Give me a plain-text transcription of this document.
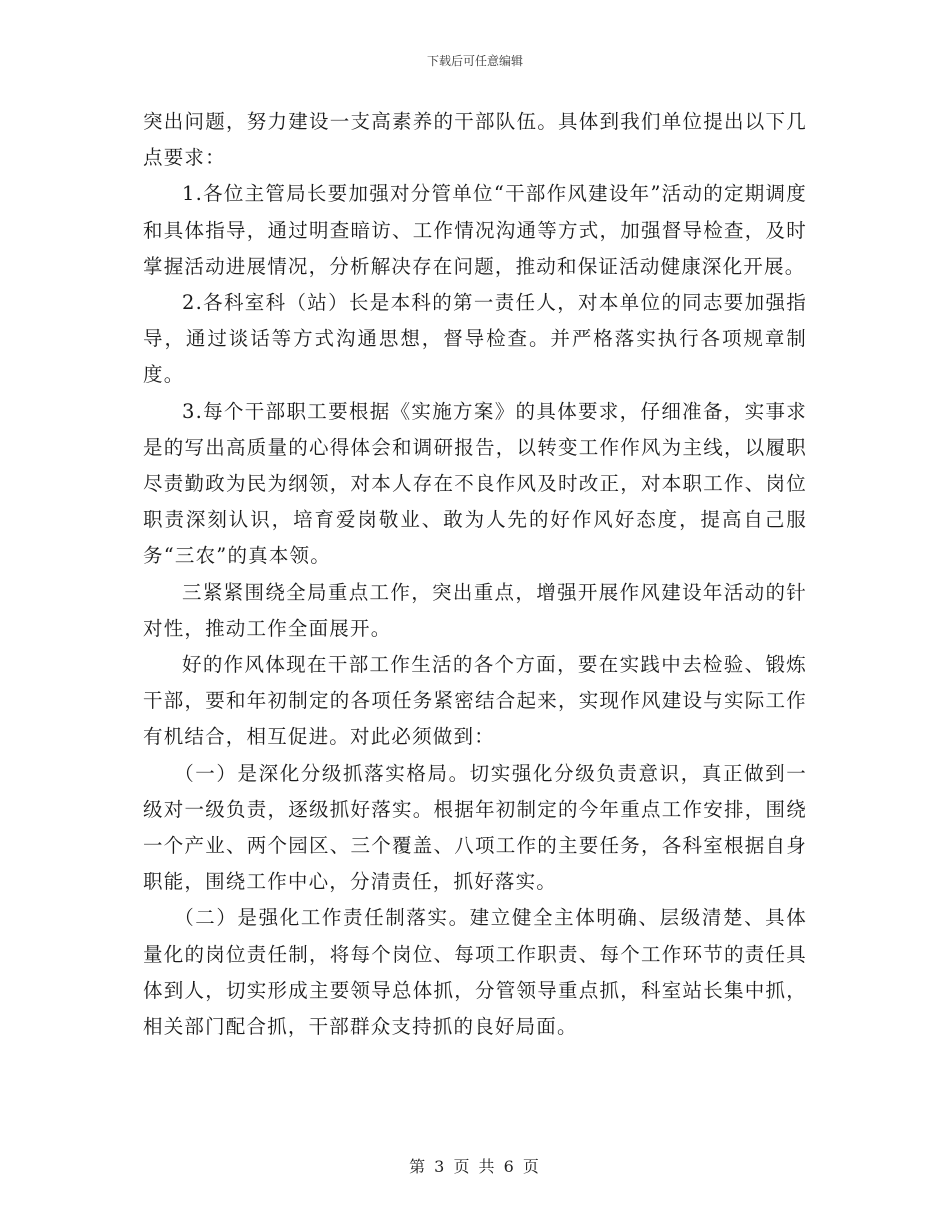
下载后可任意编辑

突出问题，努力建设一支高素养的干部队伍。具体到我们单位提出以下几点要求：

1.各位主管局长要加强对分管单位“干部作风建设年”活动的定期调度和具体指导，通过明查暗访、工作情况沟通等方式，加强督导检查，及时掌握活动进展情况，分析解决存在问题，推动和保证活动健康深化开展。

2.各科室科（站）长是本科的第一责任人，对本单位的同志要加强指导，通过谈话等方式沟通思想，督导检查。并严格落实执行各项规章制度。

3.每个干部职工要根据《实施方案》的具体要求，仔细准备，实事求是的写出高质量的心得体会和调研报告，以转变工作作风为主线，以履职尽责勤政为民为纲领，对本人存在不良作风及时改正，对本职工作、岗位职责深刻认识，培育爱岗敬业、敢为人先的好作风好态度，提高自己服务“三农”的真本领。

三紧紧围绕全局重点工作，突出重点，增强开展作风建设年活动的针对性，推动工作全面展开。

好的作风体现在干部工作生活的各个方面，要在实践中去检验、锻炼干部，要和年初制定的各项任务紧密结合起来，实现作风建设与实际工作有机结合，相互促进。对此必须做到：

（一）是深化分级抓落实格局。切实强化分级负责意识，真正做到一级对一级负责，逐级抓好落实。根据年初制定的今年重点工作安排，围绕一个产业、两个园区、三个覆盖、八项工作的主要任务，各科室根据自身职能，围绕工作中心，分清责任，抓好落实。

（二）是强化工作责任制落实。建立健全主体明确、层级清楚、具体量化的岗位责任制，将每个岗位、每项工作职责、每个工作环节的责任具体到人，切实形成主要领导总体抓，分管领导重点抓，科室站长集中抓，相关部门配合抓，干部群众支持抓的良好局面。

第 3 页 共 6 页
